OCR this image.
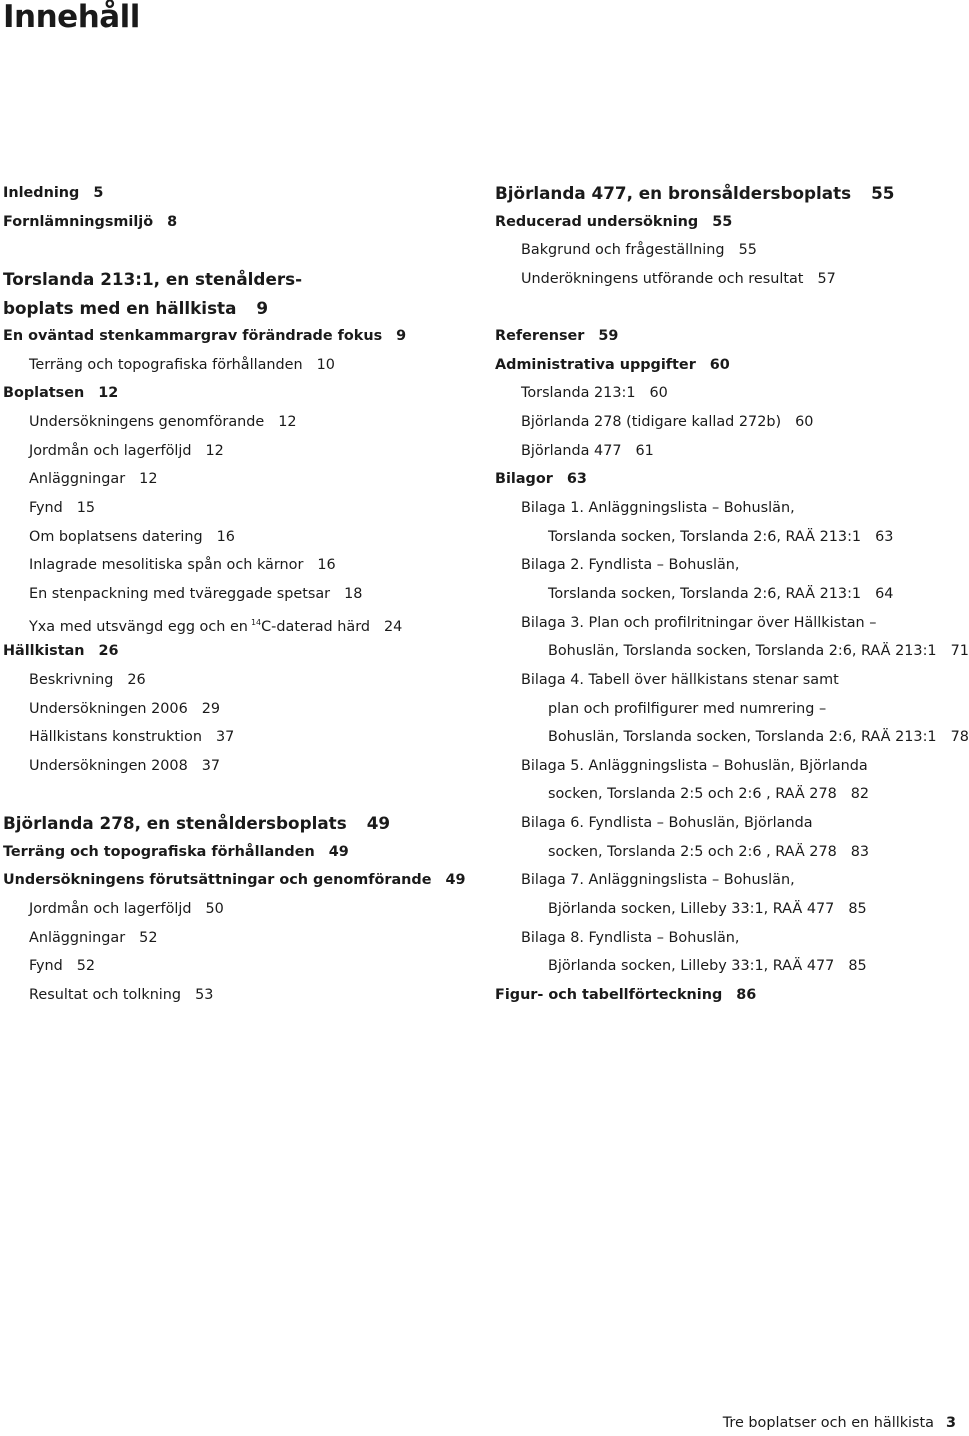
Innehåll
Inledning 5
Fornlämningsmiljö 8
Torslanda 213:1, en stenålders-
boplats med en hällkista 9
En oväntad stenkammargrav förändrade fokus 9
Terräng och topografiska förhållanden 10
Boplatsen 12
Undersökningens genomförande 12
Jordmån och lagerföljd 12
Anläggningar 12
Fynd 15
Om boplatsens datering 16
Inlagrade mesolitiska spån och kärnor 16
En stenpackning med tväreggade spetsar 18
Yxa med utsvängd egg och en $^{14}$C-daterad härd 24
Hällkistan 26
Beskrivning 26
Undersökningen 2006 29
Hällkistans konstruktion 37
Undersökningen 2008 37
Björlanda 278, en stenåldersboplats 49
Terräng och topografiska förhållanden 49
Undersökningens förutsättningar och genomförande 49
Jordmån och lagerföljd 50
Anläggningar 52
Fynd 52
Resultat och tolkning 53
Björlanda 477, en bronsåldersboplats 55
Reducerad undersökning 55
Bakgrund och frågeställning 55
Underökningens utförande och resultat 57
Referenser 59
Administrativa uppgifter 60
Torslanda 213:1 60
Björlanda 278 (tidigare kallad 272b) 60
Björlanda 477 61
Bilagor 63
Bilaga 1. Anläggningslista – Bohuslän,
Torslanda socken, Torslanda 2:6, RAÄ 213:1 63
Bilaga 2. Fyndlista – Bohuslän,
Torslanda socken, Torslanda 2:6, RAÄ 213:1 64
Bilaga 3. Plan och profilritningar över Hällkistan –
Bohuslän, Torslanda socken, Torslanda 2:6, RAÄ 213:1 71
Bilaga 4. Tabell över hällkistans stenar samt
plan och profilfigurer med numrering –
Bohuslän, Torslanda socken, Torslanda 2:6, RAÄ 213:1 78
Bilaga 5. Anläggningslista – Bohuslän, Björlanda
socken, Torslanda 2:5 och 2:6 , RAÄ 278 82
Bilaga 6. Fyndlista – Bohuslän, Björlanda
socken, Torslanda 2:5 och 2:6 , RAÄ 278 83
Bilaga 7. Anläggningslista – Bohuslän,
Björlanda socken, Lilleby 33:1, RAÄ 477 85
Bilaga 8. Fyndlista – Bohuslän,
Björlanda socken, Lilleby 33:1, RAÄ 477 85
Figur- och tabellförteckning 86
Tre boplatser och en hällkista 3
